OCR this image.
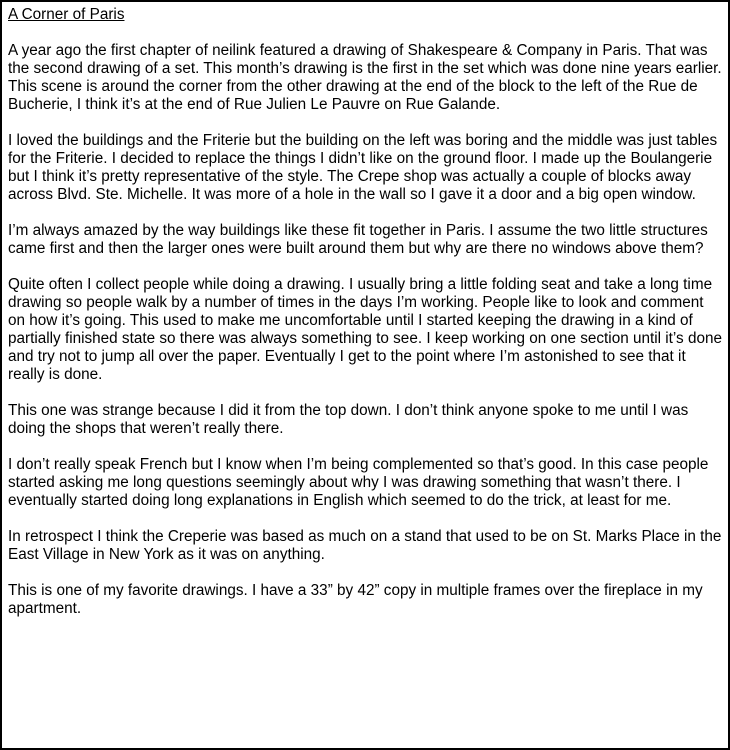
A Corner of Paris

A year ago the first chapter of neilink featured a drawing of Shakespeare & Company in Paris. That was the second drawing of a set. This month’s drawing is the first in the set which was done nine years earlier. This scene is around the corner from the other drawing at the end of the block to the left of the Rue de Bucherie, I think it’s at the end of Rue Julien Le Pauvre on Rue Galande.

I loved the buildings and the Friterie but the building on the left was boring and the middle was just tables for the Friterie. I decided to replace the things I didn’t like on the ground floor. I made up the Boulangerie but I think it’s pretty representative of the style. The Crepe shop was actually a couple of blocks away across Blvd. Ste. Michelle. It was more of a hole in the wall so I gave it a door and a big open window.

I’m always amazed by the way buildings like these fit together in Paris. I assume the two little structures came first and then the larger ones were built around them but why are there no windows above them?

Quite often I collect people while doing a drawing. I usually bring a little folding seat and take a long time drawing so people walk by a number of times in the days I’m working. People like to look and comment on how it’s going. This used to make me uncomfortable until I started keeping the drawing in a kind of partially finished state so there was always something to see. I keep working on one section until it’s done and try not to jump all over the paper. Eventually I get to the point where I’m astonished to see that it really is done.

This one was strange because I did it from the top down. I don’t think anyone spoke to me until I was doing the shops that weren’t really there.

I don’t really speak French but I know when I’m being complemented so that’s good. In this case people started asking me long questions seemingly about why I was drawing something that wasn’t there. I eventually started doing long explanations in English which seemed to do the trick, at least for me.

In retrospect I think the Creperie was based as much on a stand that used to be on St. Marks Place in the East Village in New York as it was on anything.

This is one of my favorite drawings. I have a 33” by 42” copy in multiple frames over the fireplace in my apartment.
